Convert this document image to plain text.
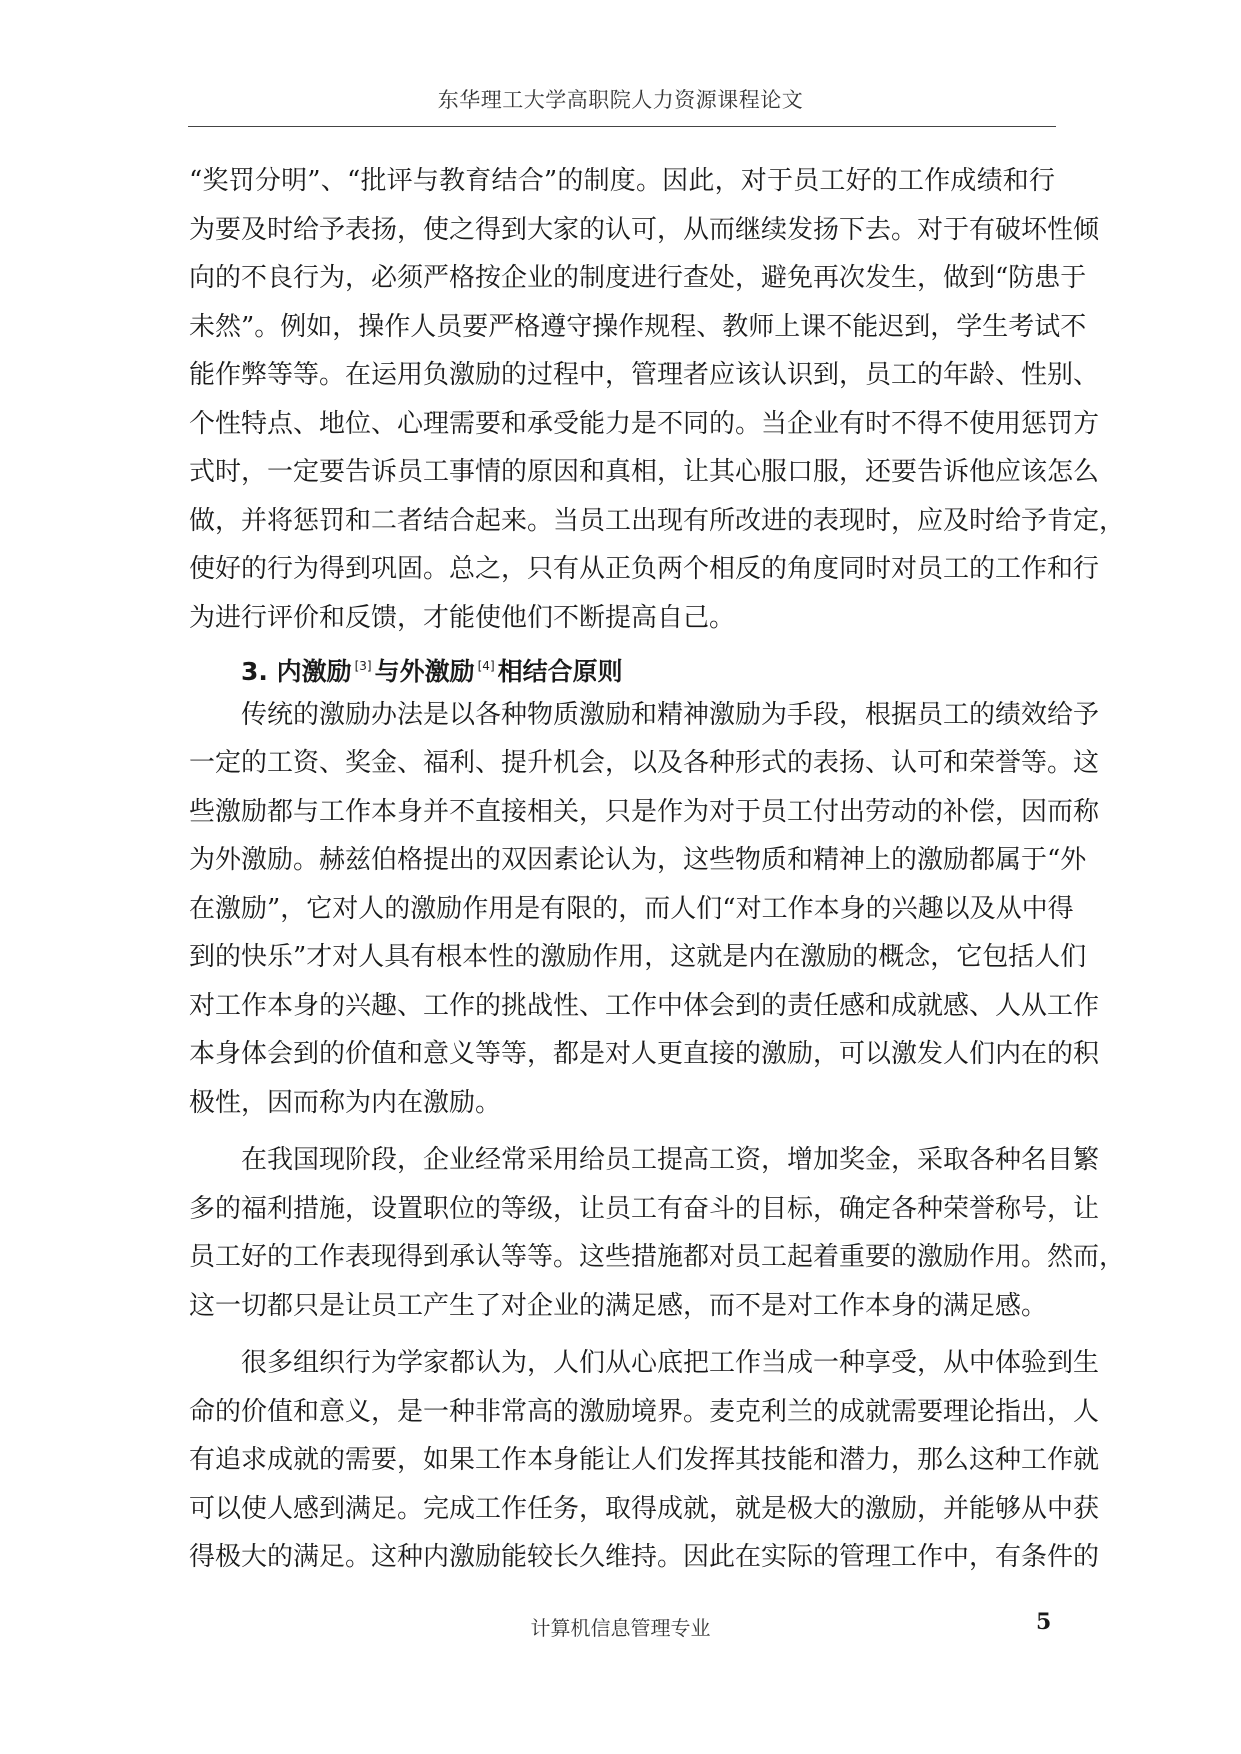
东华理工大学高职院人力资源课程论文
“奖罚分明”、“批评与教育结合”的制度。因此，对于员工好的工作成绩和行
为要及时给予表扬，使之得到大家的认可，从而继续发扬下去。对于有破坏性倾
向的不良行为，必须严格按企业的制度进行查处，避免再次发生，做到“防患于
未然”。例如，操作人员要严格遵守操作规程、教师上课不能迟到，学生考试不
能作弊等等。在运用负激励的过程中，管理者应该认识到，员工的年龄、性别、
个性特点、地位、心理需要和承受能力是不同的。当企业有时不得不使用惩罚方
式时，一定要告诉员工事情的原因和真相，让其心服口服，还要告诉他应该怎么
做，并将惩罚和二者结合起来。当员工出现有所改进的表现时，应及时给予肯定，
使好的行为得到巩固。总之，只有从正负两个相反的角度同时对员工的工作和行
为进行评价和反馈，才能使他们不断提高自己。
3. 内激励 [3] 与外激励 [4] 相结合原则
传统的激励办法是以各种物质激励和精神激励为手段，根据员工的绩效给予
一定的工资、奖金、福利、提升机会，以及各种形式的表扬、认可和荣誉等。这
些激励都与工作本身并不直接相关，只是作为对于员工付出劳动的补偿，因而称
为外激励。赫兹伯格提出的双因素论认为，这些物质和精神上的激励都属于“外
在激励”，它对人的激励作用是有限的，而人们“对工作本身的兴趣以及从中得
到的快乐”才对人具有根本性的激励作用，这就是内在激励的概念，它包括人们
对工作本身的兴趣、工作的挑战性、工作中体会到的责任感和成就感、人从工作
本身体会到的价值和意义等等，都是对人更直接的激励，可以激发人们内在的积
极性，因而称为内在激励。
在我国现阶段，企业经常采用给员工提高工资，增加奖金，采取各种名目繁
多的福利措施，设置职位的等级，让员工有奋斗的目标，确定各种荣誉称号，让
员工好的工作表现得到承认等等。这些措施都对员工起着重要的激励作用。然而，
这一切都只是让员工产生了对企业的满足感，而不是对工作本身的满足感。
很多组织行为学家都认为，人们从心底把工作当成一种享受，从中体验到生
命的价值和意义，是一种非常高的激励境界。麦克利兰的成就需要理论指出，人
有追求成就的需要，如果工作本身能让人们发挥其技能和潜力，那么这种工作就
可以使人感到满足。完成工作任务，取得成就，就是极大的激励，并能够从中获
得极大的满足。这种内激励能较长久维持。因此在实际的管理工作中，有条件的
计算机信息管理专业	5
